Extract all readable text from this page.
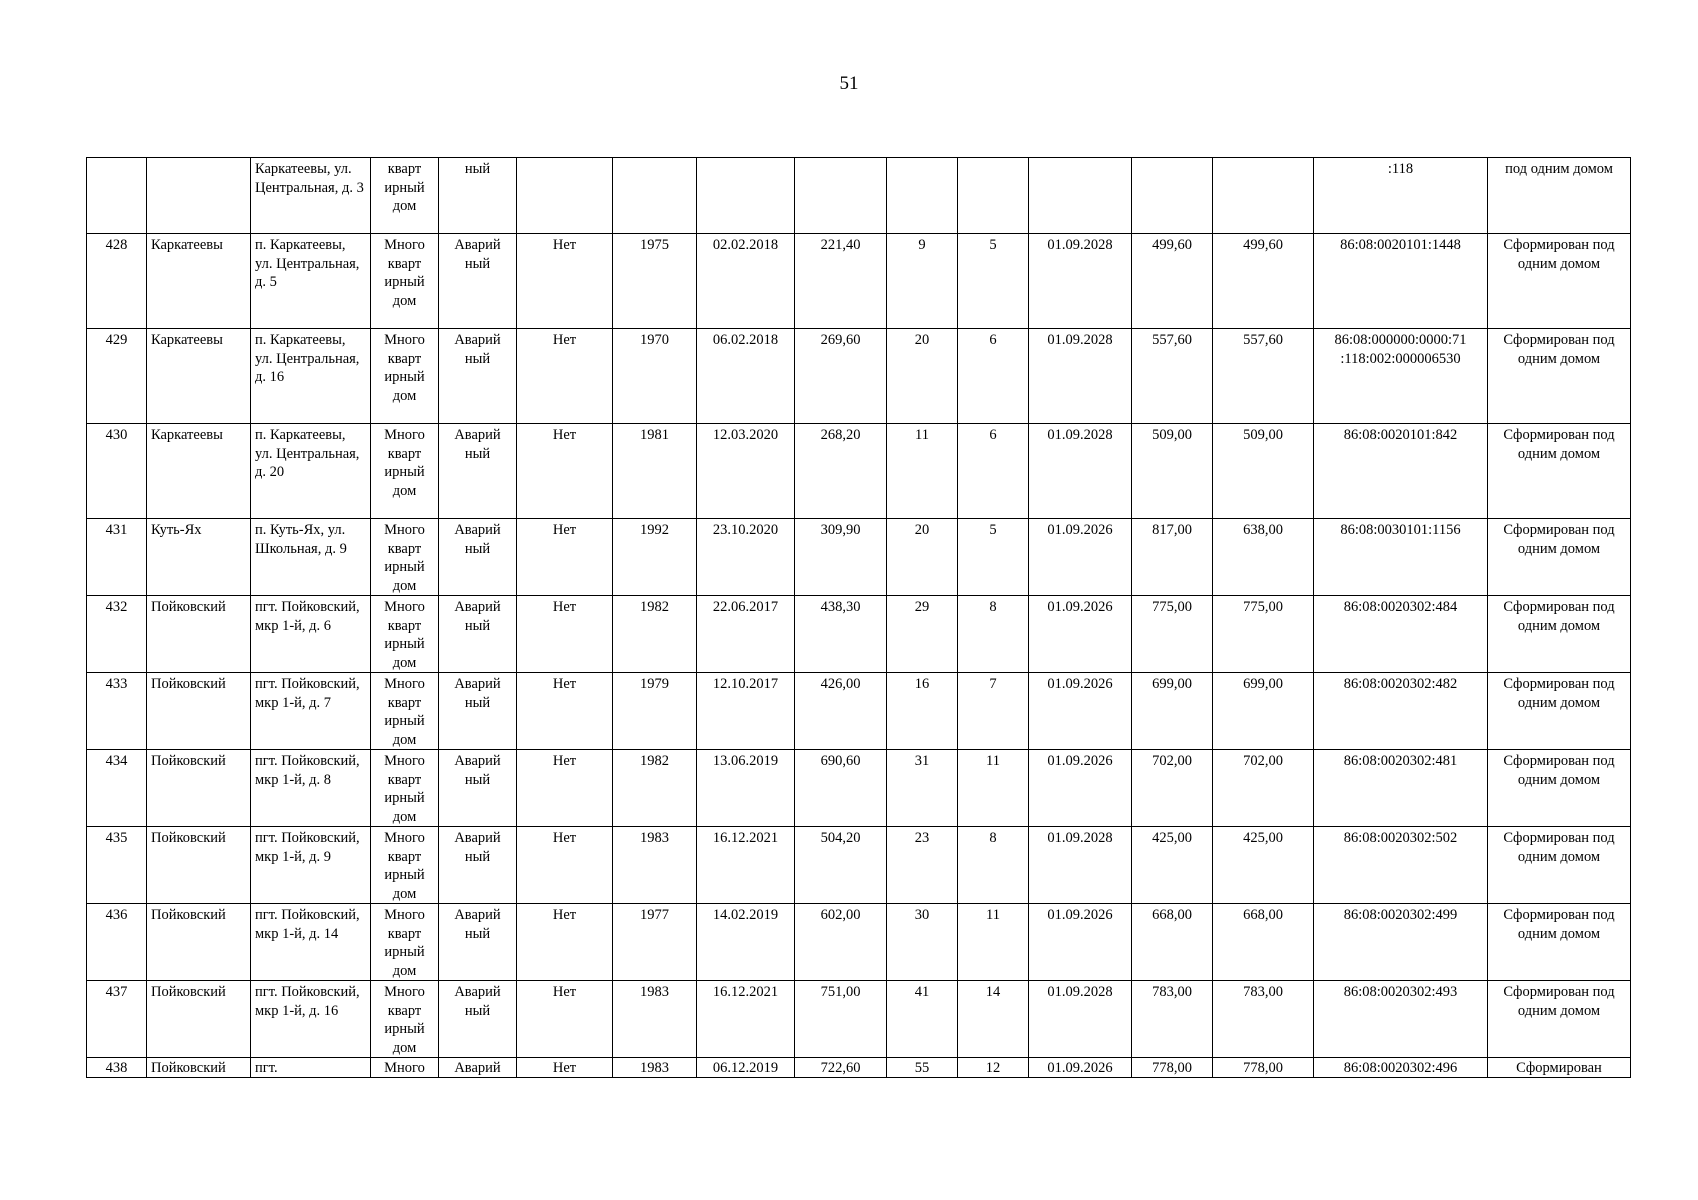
51
		Каркатеевы, ул. Центральная, д. 3	кварт ирный дом	ный										:118	под одним домом
428	Каркатеевы	п. Каркатеевы, ул. Центральная, д. 5	Много кварт ирный дом	Аварий ный	Нет	1975	02.02.2018	221,40	9	5	01.09.2028	499,60	499,60	86:08:0020101:1448	Сформирован под одним домом
429	Каркатеевы	п. Каркатеевы, ул. Центральная, д. 16	Много кварт ирный дом	Аварий ный	Нет	1970	06.02.2018	269,60	20	6	01.09.2028	557,60	557,60	86:08:000000:0000:71 :118:002:000006530	Сформирован под одним домом
430	Каркатеевы	п. Каркатеевы, ул. Центральная, д. 20	Много кварт ирный дом	Аварий ный	Нет	1981	12.03.2020	268,20	11	6	01.09.2028	509,00	509,00	86:08:0020101:842	Сформирован под одним домом
431	Куть-Ях	п. Куть-Ях, ул. Школьная, д. 9	Много кварт ирный дом	Аварий ный	Нет	1992	23.10.2020	309,90	20	5	01.09.2026	817,00	638,00	86:08:0030101:1156	Сформирован под одним домом
432	Пойковский	пгт. Пойковский, мкр 1-й, д. 6	Много кварт ирный дом	Аварий ный	Нет	1982	22.06.2017	438,30	29	8	01.09.2026	775,00	775,00	86:08:0020302:484	Сформирован под одним домом
433	Пойковский	пгт. Пойковский, мкр 1-й, д. 7	Много кварт ирный дом	Аварий ный	Нет	1979	12.10.2017	426,00	16	7	01.09.2026	699,00	699,00	86:08:0020302:482	Сформирован под одним домом
434	Пойковский	пгт. Пойковский, мкр 1-й, д. 8	Много кварт ирный дом	Аварий ный	Нет	1982	13.06.2019	690,60	31	11	01.09.2026	702,00	702,00	86:08:0020302:481	Сформирован под одним домом
435	Пойковский	пгт. Пойковский, мкр 1-й, д. 9	Много кварт ирный дом	Аварий ный	Нет	1983	16.12.2021	504,20	23	8	01.09.2028	425,00	425,00	86:08:0020302:502	Сформирован под одним домом
436	Пойковский	пгт. Пойковский, мкр 1-й, д. 14	Много кварт ирный дом	Аварий ный	Нет	1977	14.02.2019	602,00	30	11	01.09.2026	668,00	668,00	86:08:0020302:499	Сформирован под одним домом
437	Пойковский	пгт. Пойковский, мкр 1-й, д. 16	Много кварт ирный дом	Аварий ный	Нет	1983	16.12.2021	751,00	41	14	01.09.2028	783,00	783,00	86:08:0020302:493	Сформирован под одним домом
438	Пойковский	пгт.	Много	Аварий	Нет	1983	06.12.2019	722,60	55	12	01.09.2026	778,00	778,00	86:08:0020302:496	Сформирован
